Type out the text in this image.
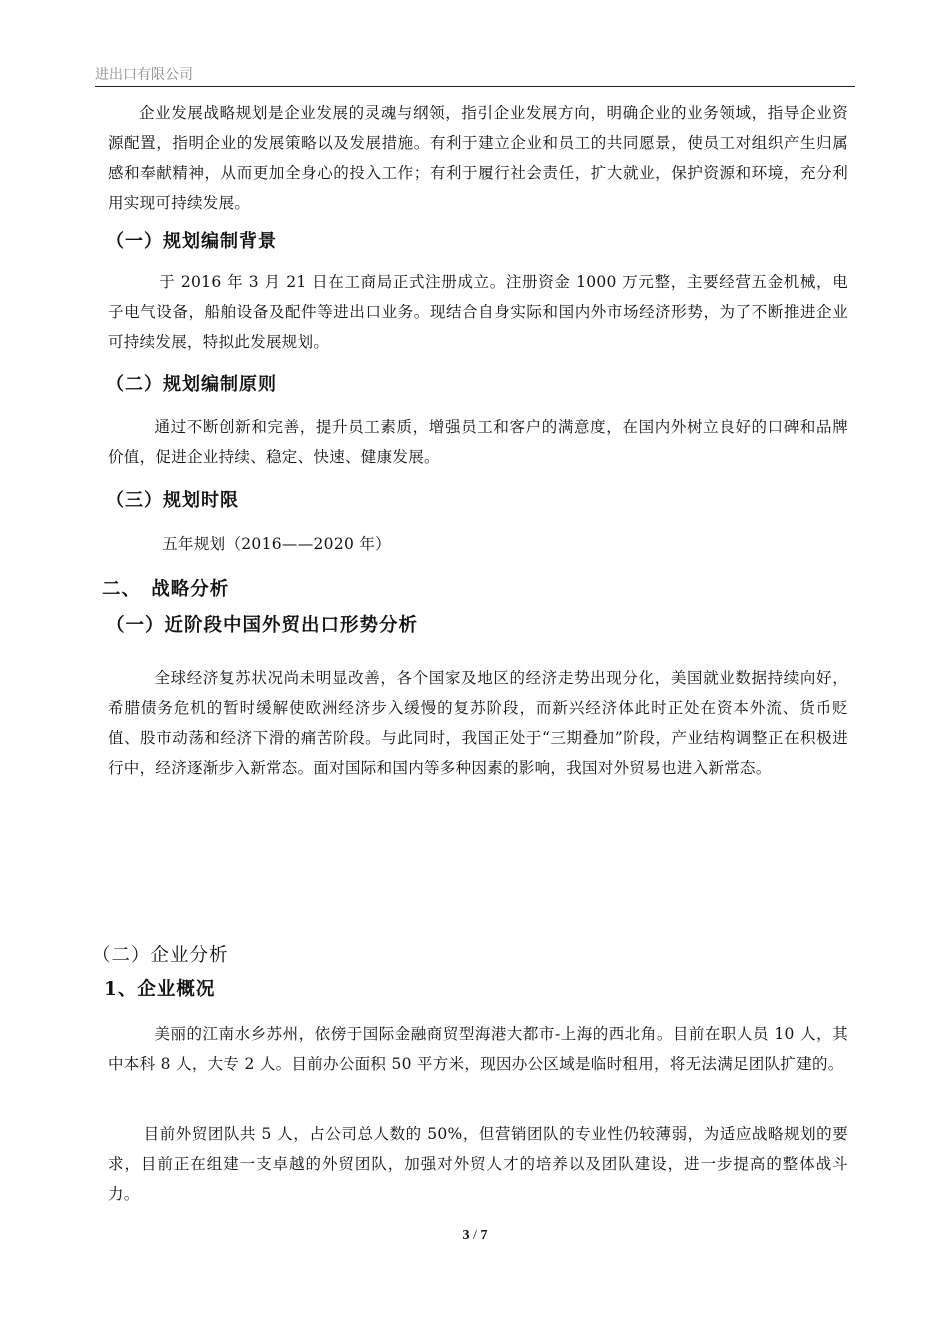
进出口有限公司

企业发展战略规划是企业发展的灵魂与纲领，指引企业发展方向，明确企业的业务领域，指导企业资源配置，指明企业的发展策略以及发展措施。有利于建立企业和员工的共同愿景，使员工对组织产生归属感和奉献精神，从而更加全身心的投入工作；有利于履行社会责任，扩大就业，保护资源和环境，充分利用实现可持续发展。

（一）规划编制背景

于 2016 年 3 月 21 日在工商局正式注册成立。注册资金 1000 万元整，主要经营五金机械，电子电气设备，船舶设备及配件等进出口业务。现结合自身实际和国内外市场经济形势，为了不断推进企业可持续发展，特拟此发展规划。

（二）规划编制原则

通过不断创新和完善，提升员工素质，增强员工和客户的满意度，在国内外树立良好的口碑和品牌价值，促进企业持续、稳定、快速、健康发展。

（三）规划时限

五年规划（2016——2020 年）

二、　战略分析
（一）近阶段中国外贸出口形势分析

全球经济复苏状况尚未明显改善，各个国家及地区的经济走势出现分化，美国就业数据持续向好，希腊债务危机的暂时缓解使欧洲经济步入缓慢的复苏阶段，而新兴经济体此时正处在资本外流、货币贬值、股市动荡和经济下滑的痛苦阶段。与此同时，我国正处于“三期叠加”阶段，产业结构调整正在积极进行中，经济逐渐步入新常态。面对国际和国内等多种因素的影响，我国对外贸易也进入新常态。

（二）企业分析
1、企业概况

美丽的江南水乡苏州，依傍于国际金融商贸型海港大都市-上海的西北角。目前在职人员 10 人，其中本科 8 人，大专 2 人。目前办公面积 50 平方米，现因办公区域是临时租用，将无法满足团队扩建的。

目前外贸团队共 5 人，占公司总人数的 50%，但营销团队的专业性仍较薄弱，为适应战略规划的要求，目前正在组建一支卓越的外贸团队，加强对外贸人才的培养以及团队建设，进一步提高的整体战斗力。

3 / 7
